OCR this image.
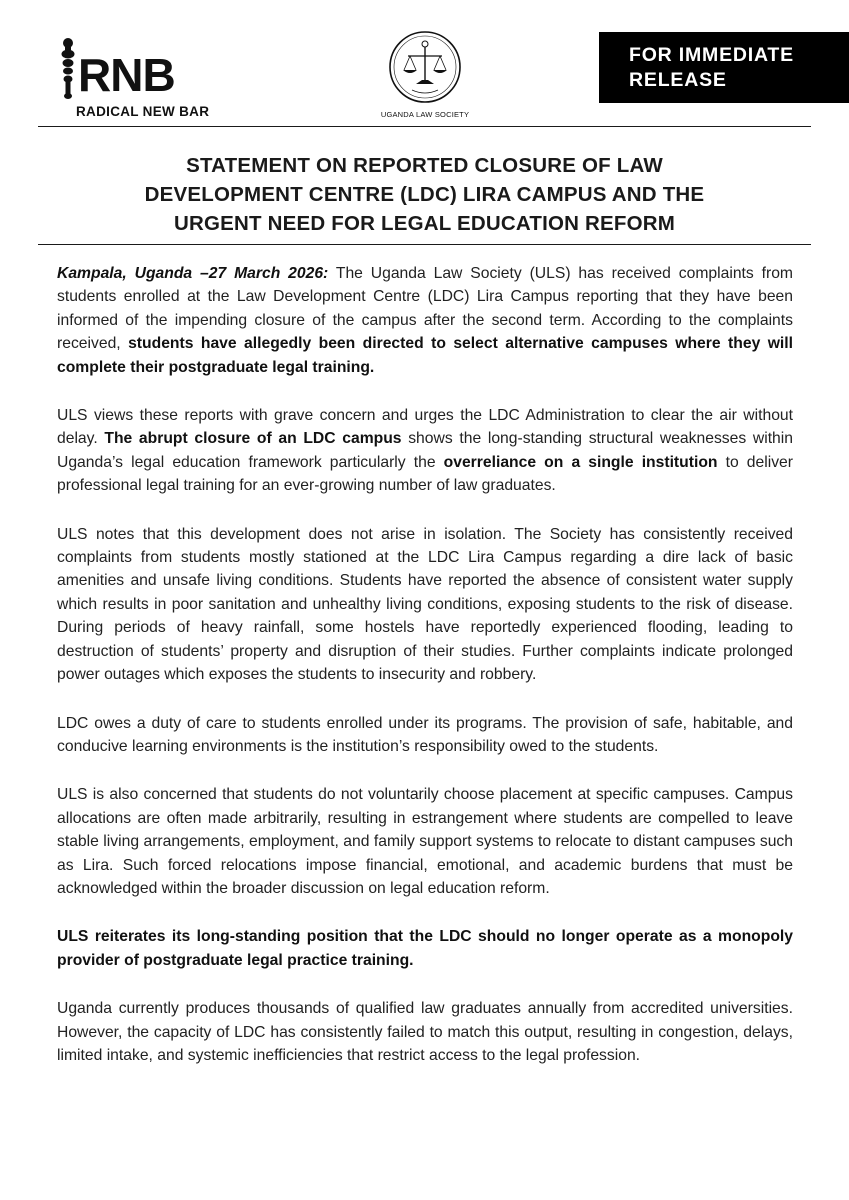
RNB
RADICAL NEW BAR	UGANDA LAW SOCIETY
FOR IMMEDIATE
RELEASE
STATEMENT ON REPORTED CLOSURE OF LAW
DEVELOPMENT CENTRE (LDC) LIRA CAMPUS AND THE
URGENT NEED FOR LEGAL EDUCATION REFORM

Kampala, Uganda –27 March 2026: The Uganda Law Society (ULS) has received complaints from students enrolled at the Law Development Centre (LDC) Lira Campus reporting that they have been informed of the impending closure of the campus after the second term. According to the complaints received, students have allegedly been directed to select alternative campuses where they will complete their postgraduate legal training.

ULS views these reports with grave concern and urges the LDC Administration to clear the air without delay. The abrupt closure of an LDC campus shows the long-standing structural weaknesses within Uganda’s legal education framework particularly the overreliance on a single institution to deliver professional legal training for an ever-growing number of law graduates.

ULS notes that this development does not arise in isolation. The Society has consistently received complaints from students mostly stationed at the LDC Lira Campus regarding a dire lack of basic amenities and unsafe living conditions. Students have reported the absence of consistent water supply which results in poor sanitation and unhealthy living conditions, exposing students to the risk of disease. During periods of heavy rainfall, some hostels have reportedly experienced flooding, leading to destruction of students’ property and disruption of their studies. Further complaints indicate prolonged power outages which exposes the students to insecurity and robbery.

LDC owes a duty of care to students enrolled under its programs. The provision of safe, habitable, and conducive learning environments is the institution’s responsibility owed to the students.

ULS is also concerned that students do not voluntarily choose placement at specific campuses. Campus allocations are often made arbitrarily, resulting in estrangement where students are compelled to leave stable living arrangements, employment, and family support systems to relocate to distant campuses such as Lira. Such forced relocations impose financial, emotional, and academic burdens that must be acknowledged within the broader discussion on legal education reform.

ULS reiterates its long-standing position that the LDC should no longer operate as a monopoly provider of postgraduate legal practice training.

Uganda currently produces thousands of qualified law graduates annually from accredited universities. However, the capacity of LDC has consistently failed to match this output, resulting in congestion, delays, limited intake, and systemic inefficiencies that restrict access to the legal profession.
